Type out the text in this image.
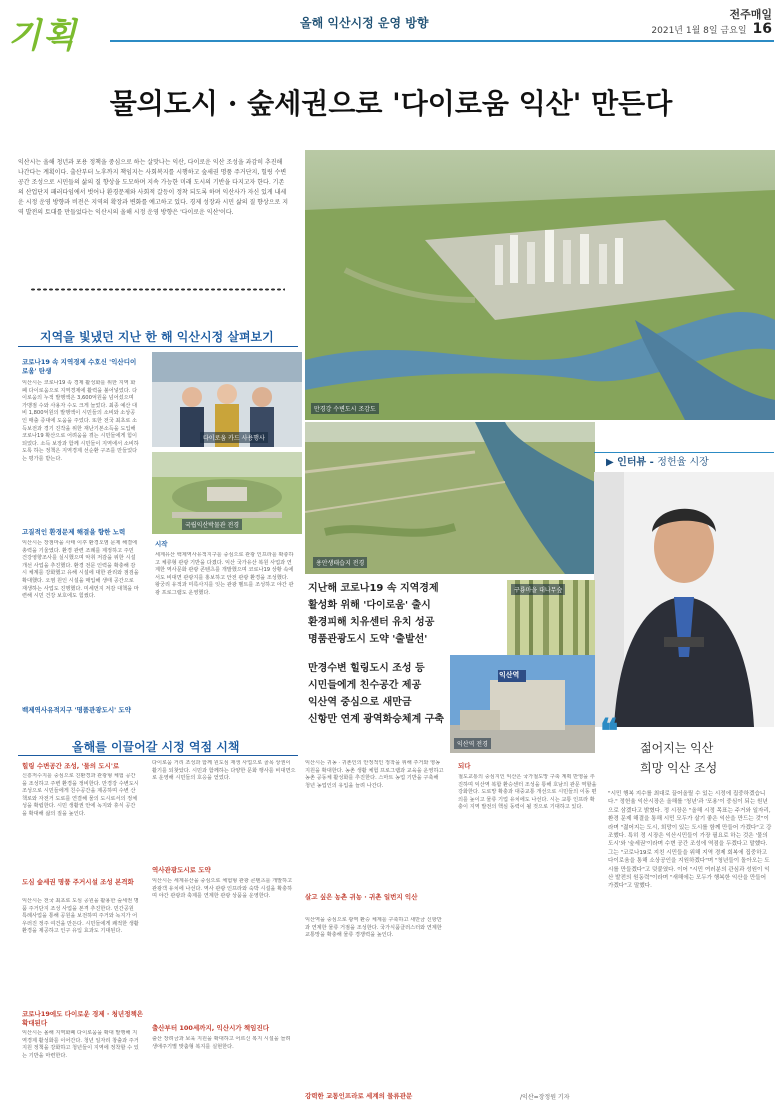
기획	올해 익산시정 운영 방향
전주매일
2021년 1월 8일 금요일 16
물의도시 · 숲세권으로 '다이로움 익산' 만든다
익산시는 올해 청년과 포용 정책을 중심으로 하는 살맛나는 익산, 다이로운 익산 조성을 과감히 추진해 나간다는 계획이다. 출산부터 노후까지 책임지는 사회복지를 시행하고 숲세권 명품 주거단지, 힐링 수변공간 조성으로 시민들의 삶의 질 향상을 도모하며 지속 가능한 미래 도시의 기반을 다지고자 한다. 기존의 산업단지 패러다임에서 벗어나 환경문제와 사회적 갈등이 정착 되도록 하며 익산사가 자신 있게 내세운 시정 운영 방향과 비전은 지역의 확장과 변화를 예고하고 있다. 경제 성장과 시민 삶의 질 향상으로 지역 발전의 토대를 만들었다는 익산시의 올해 시정 운영 방향은 '다이로운 익산'이다.
만경강 수변도시 조감도
지역을 빛냈던 지난 한 해 익산시정 살펴보기
코로나19 속 지역경제 수호신 '익산디이로움' 탄생
익산시는 코로나19 속 경제 활성화를 위한 지역 화폐 다이로움으로 지역경제에 활력을 불어넣었다. 다이로움의 누적 발행액은 3,600억원을 넘어섰으며 가맹점 수와 사용자 수도 크게 늘었다. 최종 예산 대비 1,800억원의 발행액이 시민들의 소비와 소상공인 매출 증대에 도움을 주었다. 또한 전국 최초로 소득보전과 경기 진작을 위한 재난기본소득을 도입해 코로나19 확산으로 어려움을 겪는 시민들에게 힘이 되었다. 소득 보장과 함께 시민들이 지역에서 소비하도록 하는 정책은 지역경제 선순환 구조를 만들었다는 평가를 받는다.
고질적인 환경문제 해결을 향한 노력
익산시는 장점마을 사태 이후 환경오염 문제 해결에 총력을 기울였다. 환경 관련 조례를 제정하고 주민 건강영향조사를 실시했으며 악취 저감을 위한 시설 개선 사업을 추진했다. 환경 전문 인력을 확충해 감시 체계를 강화했고 유해 시설에 대한 관리와 점검을 확대했다. 오염 원인 시설을 매입해 생태 공간으로 재생하는 사업도 진행했다. 미세먼지 저감 대책을 마련해 시민 건강 보호에도 힘썼다.
백제역사유적지구 '명품관광도시' 도약
다이로움 카드 사용행사
국립익산박물관 전경
시작
세계유산 백제역사유적지구를 중심으로 관광 인프라를 확충하고 체류형 관광 기반을 다졌다. 익산 국가유산 복원 사업과 연계한 역사문화 관광 콘텐츠를 개발했으며 코로나19 상황 속에서도 비대면 관광지를 홍보하고 안전 관광 환경을 조성했다. 왕궁리 유적과 미륵사지를 잇는 관광 벨트를 조성하고 야간 관광 프로그램도 운영했다.
용안생태습지 전경
▶ 인터뷰 - 정헌율 시장
구룡마을 대나무숲
지난해 코로나19 속 지역경제
활성화 위해 '다이로움' 출시
환경피해 치유센터 유치 성공
명품관광도시 도약 '출발선'
만경수변 힐링도시 조성 등
시민들에게 친수공간 제공
익산역 중심으로 새만금
신항만 연계 광역화승체계 구축
익산역
익산역 전경	❝ 젊어지는 익산
희망 익산 조성
"시민 행복 지수를 최대로 끌어올릴 수 있는 시정에 집중하겠습니다." 정헌율 익산시장은 올해를 '청년'과 '포용'이 중심이 되는 원년으로 삼겠다고 밝혔다. 정 시장은 "올해 시정 목표는 주거와 일자리, 환경 문제 해결을 통해 시민 모두가 살기 좋은 익산을 만드는 것"이라며 "젊어지는 도시, 희망이 있는 도시를 함께 만들어 가겠다"고 강조했다. 특히 정 시장은 익산시민들이 가장 필요로 하는 것은 '물의 도시'와 '숲세권'이라며 수변 공간 조성에 역점을 두겠다고 말했다. 그는 "코로나19로 지친 시민들을 위해 지역 경제 회복에 집중하고 다이로움을 통해 소상공인을 지원하겠다"며 "청년들이 돌아오는 도시를 만들겠다"고 덧붙였다. 이어 "시민 여러분의 관심과 성원이 익산 발전의 원동력"이라며 "새해에는 모두가 행복한 익산을 만들어 가겠다"고 말했다.
올해를 이끌어갈 시정 역점 시책
힐링 수변공간 조성, '물의 도시'로
신흥저수지를 중심으로 친환경과 관광형 체험 공간을 조성하고 주변 환경을 정비한다. 만경강 수변도시 조성으로 시민들에게 친수공간을 제공하며 수변 산책로와 자전거 도로를 연결해 물의 도시로서의 정체성을 확립한다. 시민 생활권 안에 녹지와 휴식 공간을 확대해 삶의 질을 높인다.
도심 숲세권 명품 주거시설 조성 본격화
익산시는 전국 최초로 도심 공원을 활용한 숲세권 명품 주거단지 조성 사업을 본격 추진한다. 민간공원 특례사업을 통해 공원을 보전하며 주거와 녹지가 어우러진 정주 여건을 만든다. 시민들에게 쾌적한 생활환경을 제공하고 인구 유입 효과도 기대된다.
코로나19에도 다이로운 경제 · 청년정책은 확대된다
익산시는 올해 지역화폐 다이로움을 확대 발행해 지역경제 활성화를 이어간다. 청년 일자리 창출과 주거 지원 정책을 강화하고 청년들이 지역에 정착할 수 있는 기반을 마련한다.
다이로움 거리 조성과 함께 원도심 재생 사업으로 골목 상권이 활기를 되찾았다. 시민과 함께하는 다양한 문화 행사를 비대면으로 운영해 시민들의 호응을 얻었다.
역사관광도시로 도약
익산시는 세계유산을 중심으로 체험형 관광 콘텐츠를 개발하고 관광객 유치에 나선다. 역사 관광 인프라와 숙박 시설을 확충하며 야간 관광과 축제를 연계한 관광 상품을 운영한다.
출산부터 100세까지, 익산시가 책임진다
출산 장려금과 보육 지원을 확대하고 어르신 복지 시설을 늘려 생애주기별 맞춤형 복지를 실현한다.
익산시는 귀농 · 귀촌인의 안정적인 정착을 위해 주거와 영농 지원을 확대한다. 농촌 생활 체험 프로그램과 교육을 운영하고 농촌 공동체 활성화를 추진한다. 스마트 농업 기반을 구축해 청년 농업인의 유입을 늘려 나간다.
살고 싶은 농촌 귀농 · 귀촌 일번지 익산
익산역을 중심으로 광역 환승 체계를 구축하고 새만금 신항만과 연계한 물류 거점을 조성한다. 국가식품클러스터와 연계한 교통망을 확충해 물류 경쟁력을 높인다.
강력한 교통인프라로 세계의 물류관문
되다
철도교통의 중심지인 익산은 국가철도망 구축 계획 반영을 추진하며 익산역 복합 환승센터 조성을 통해 호남의 관문 역할을 강화한다. 도로망 확충과 대중교통 개선으로 시민들의 이동 편의를 높이고 물류 기업 유치에도 나선다. 시는 교통 인프라 확충이 지역 발전의 핵심 동력이 될 것으로 기대하고 있다.
/익산=장정원 기자
